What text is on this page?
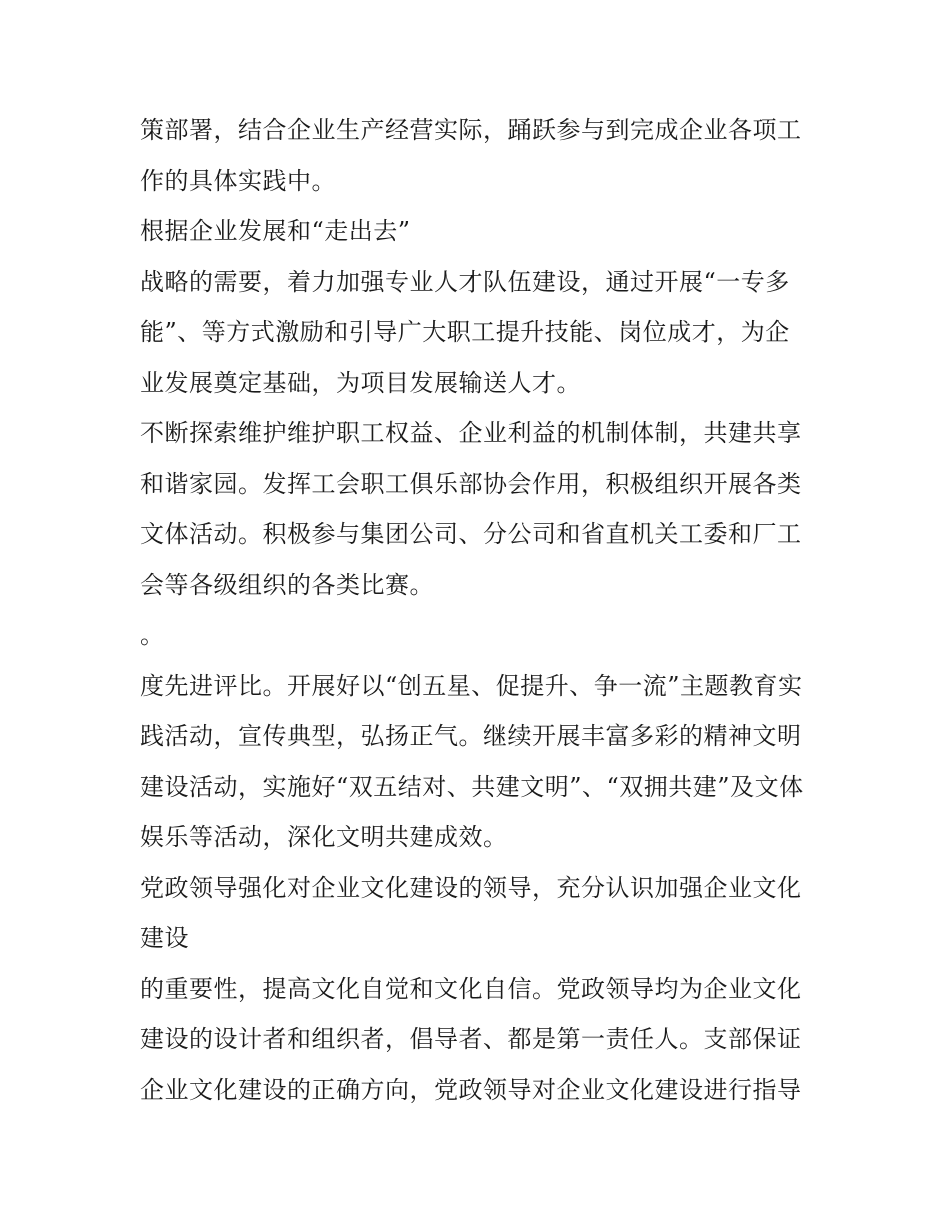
策部署，结合企业生产经营实际，踊跃参与到完成企业各项工
作的具体实践中。
根据企业发展和“走出去”
战略的需要，着力加强专业人才队伍建设，通过开展“一专多
能”、等方式激励和引导广大职工提升技能、岗位成才，为企
业发展奠定基础，为项目发展输送人才。
不断探索维护维护职工权益、企业利益的机制体制，共建共享
和谐家园。发挥工会职工俱乐部协会作用，积极组织开展各类
文体活动。积极参与集团公司、分公司和省直机关工委和厂工
会等各级组织的各类比赛。
。
度先进评比。开展好以“创五星、促提升、争一流”主题教育实
践活动，宣传典型，弘扬正气。继续开展丰富多彩的精神文明
建设活动，实施好“双五结对、共建文明”、“双拥共建”及文体
娱乐等活动，深化文明共建成效。
党政领导强化对企业文化建设的领导，充分认识加强企业文化
建设
的重要性，提高文化自觉和文化自信。党政领导均为企业文化
建设的设计者和组织者，倡导者、都是第一责任人。支部保证
企业文化建设的正确方向，党政领导对企业文化建设进行指导
